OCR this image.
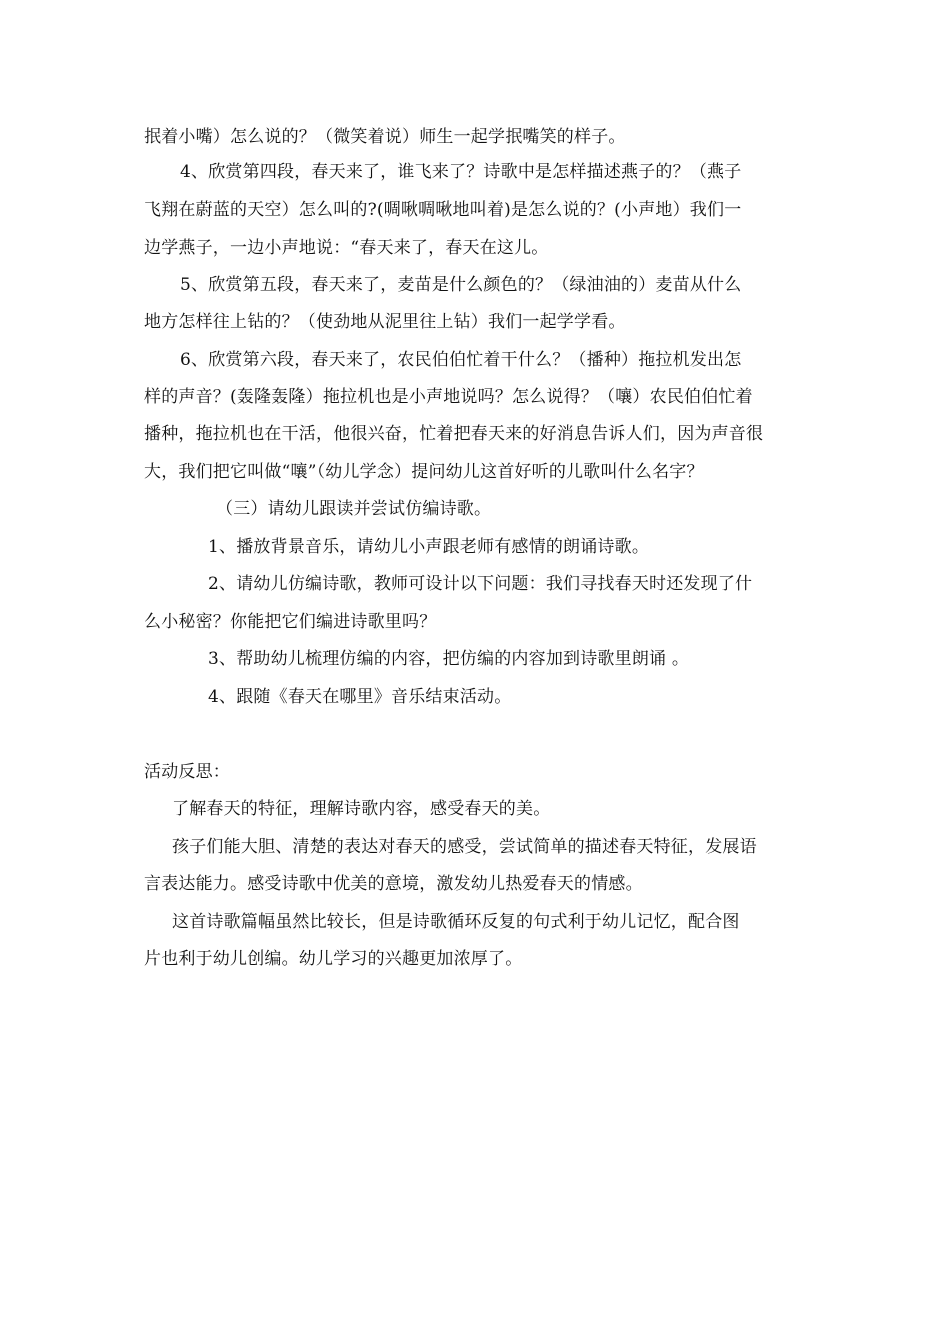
抿着小嘴）怎么说的？（微笑着说）师生一起学抿嘴笑的样子。
4、欣赏第四段，春天来了，谁飞来了？诗歌中是怎样描述燕子的？（燕子
飞翔在蔚蓝的天空）怎么叫的?(啁啾啁啾地叫着)是怎么说的？(小声地）我们一
边学燕子，一边小声地说：“春天来了，春天在这儿。
5、欣赏第五段，春天来了，麦苗是什么颜色的？（绿油油的）麦苗从什么
地方怎样往上钻的？（使劲地从泥里往上钻）我们一起学学看。
6、欣赏第六段，春天来了，农民伯伯忙着干什么？（播种）拖拉机发出怎
样的声音？(轰隆轰隆）拖拉机也是小声地说吗？怎么说得？（嚷）农民伯伯忙着
播种，拖拉机也在干活，他很兴奋，忙着把春天来的好消息告诉人们，因为声音很
大，我们把它叫做“嚷”（幼儿学念）提问幼儿这首好听的儿歌叫什么名字？
（三）请幼儿跟读并尝试仿编诗歌。
1、播放背景音乐，请幼儿小声跟老师有感情的朗诵诗歌。
2、请幼儿仿编诗歌，教师可设计以下问题：我们寻找春天时还发现了什
么小秘密？你能把它们编进诗歌里吗？
3、帮助幼儿梳理仿编的内容，把仿编的内容加到诗歌里朗诵 。
4、跟随《春天在哪里》音乐结束活动。
活动反思：
了解春天的特征，理解诗歌内容，感受春天的美。
孩子们能大胆、清楚的表达对春天的感受，尝试简单的描述春天特征，发展语
言表达能力。感受诗歌中优美的意境，激发幼儿热爱春天的情感。
这首诗歌篇幅虽然比较长，但是诗歌循环反复的句式利于幼儿记忆，配合图
片也利于幼儿创编。幼儿学习的兴趣更加浓厚了。
